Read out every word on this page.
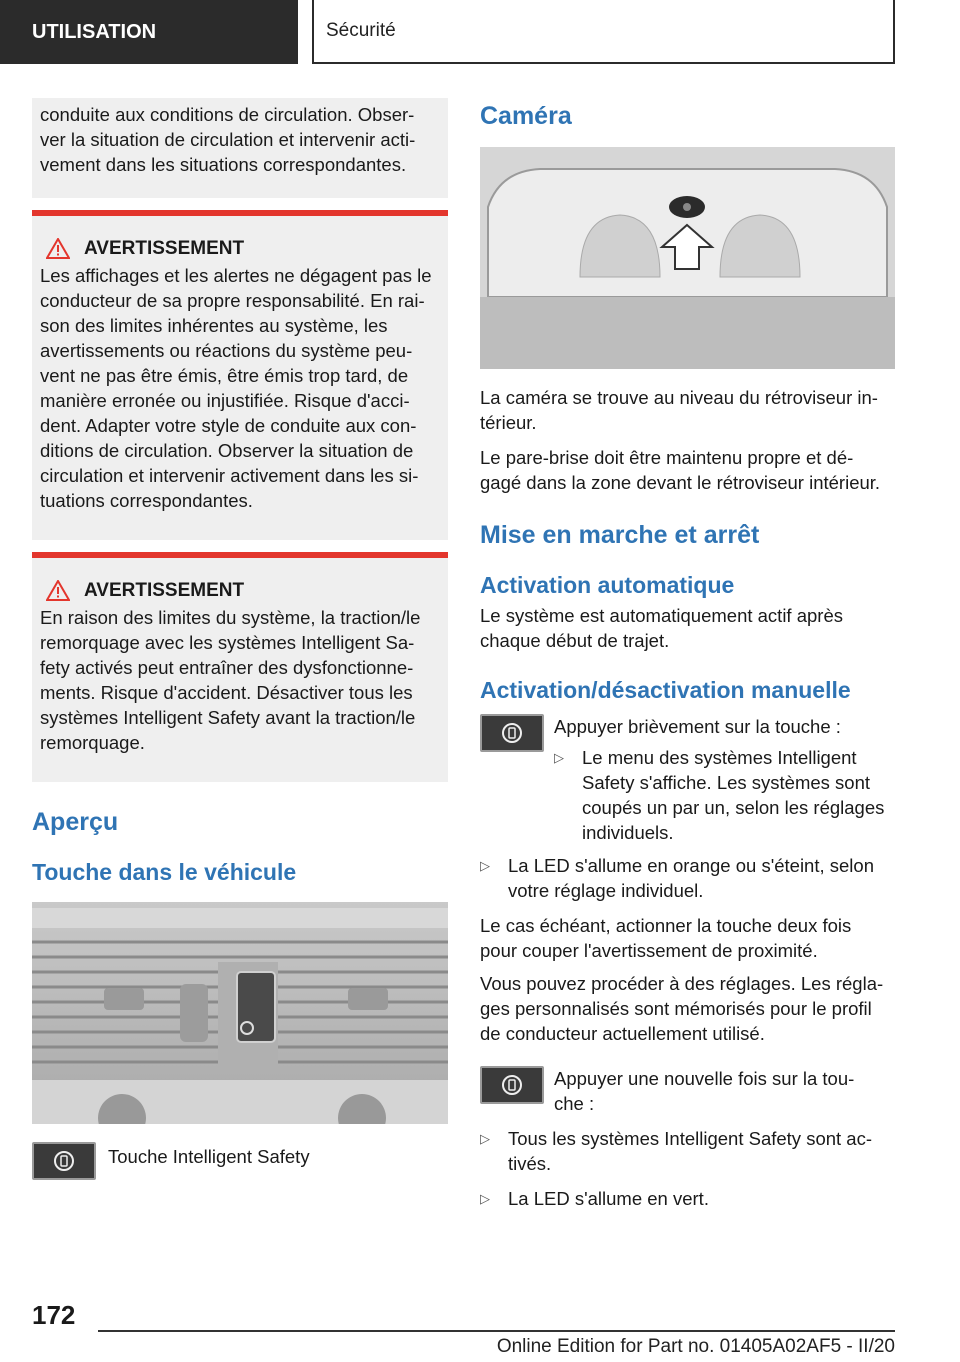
UTILISATION	Sécurité
conduite aux conditions de circulation. Obser-
ver la situation de circulation et intervenir acti-
vement dans les situations correspondantes.
AVERTISSEMENT
Les affichages et les alertes ne dégagent pas le
conducteur de sa propre responsabilité. En rai-
son des limites inhérentes au système, les
avertissements ou réactions du système peu-
vent ne pas être émis, être émis trop tard, de
manière erronée ou injustifiée. Risque d'acci-
dent. Adapter votre style de conduite aux con-
ditions de circulation. Observer la situation de
circulation et intervenir activement dans les si-
tuations correspondantes.
AVERTISSEMENT
En raison des limites du système, la traction/le
remorquage avec les systèmes Intelligent Sa-
fety activés peut entraîner des dysfonctionne-
ments. Risque d'accident. Désactiver tous les
systèmes Intelligent Safety avant la traction/le
remorquage.
Aperçu
Touche dans le véhicule
Touche Intelligent Safety
Caméra

La caméra se trouve au niveau du rétroviseur in-
térieur.

Le pare-brise doit être maintenu propre et dé-
gagé dans la zone devant le rétroviseur intérieur.

Mise en marche et arrêt
Activation automatique

Le système est automatiquement actif après
chaque début de trajet.

Activation/désactivation manuelle
Appuyer brièvement sur la touche :
▷ Le menu des systèmes Intelligent
Safety s'affiche. Les systèmes sont
coupés un par un, selon les réglages
individuels.
▷ La LED s'allume en orange ou s'éteint, selon
votre réglage individuel.

Le cas échéant, actionner la touche deux fois
pour couper l'avertissement de proximité.

Vous pouvez procéder à des réglages. Les régla-
ges personnalisés sont mémorisés pour le profil
de conducteur actuellement utilisé.

Appuyer une nouvelle fois sur la tou-
che :
▷ Tous les systèmes Intelligent Safety sont ac-
tivés.
▷ La LED s'allume en vert.
172
Online Edition for Part no. 01405A02AF5 - II/20
